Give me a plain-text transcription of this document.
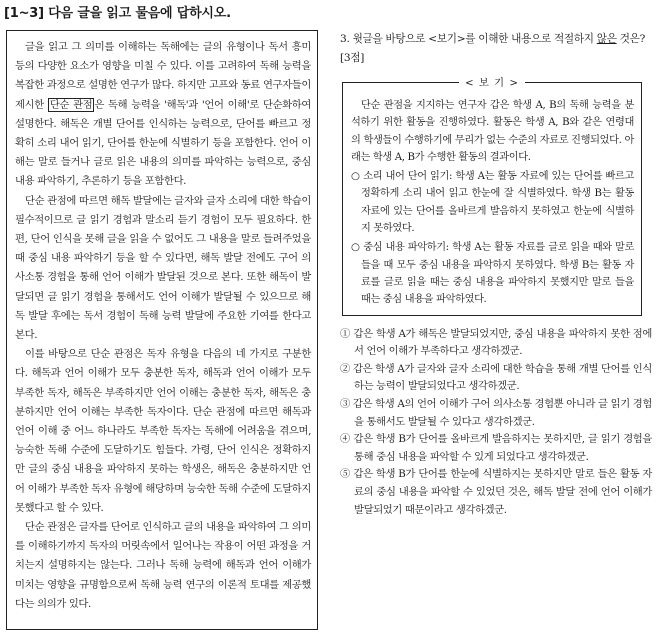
[1~3] 다음 글을 읽고 물음에 답하시오.

글을 읽고 그 의미를 이해하는 독해에는 글의 유형이나 독서 흥미 등의 다양한 요소가 영향을 미칠 수 있다. 이를 고려하여 독해 능력을 복잡한 과정으로 설명한 연구가 많다. 하지만 고프와 동료 연구자들이 제시한 단순 관점 은 독해 능력을 '해독'과 '언어 이해'로 단순화하여 설명한다. 해독은 개별 단어를 인식하는 능력으로, 단어를 빠르고 정확히 소리 내어 읽기, 단어를 한눈에 식별하기 등을 포함한다. 언어 이해는 말로 들거나 글로 읽은 내용의 의미를 파악하는 능력으로, 중심 내용 파악하기, 추론하기 등을 포함한다.

단순 관점에 따르면 해독 발달에는 글자와 글자 소리에 대한 학습이 필수적이므로 글 읽기 경험과 말소리 듣기 경험이 모두 필요하다. 한편, 단어 인식을 못해 글을 읽을 수 없어도 그 내용을 말로 들려주었을 때 중심 내용 파악하기 등을 할 수 있다면, 해독 발달 전에도 구어 의사소통 경험을 통해 언어 이해가 발달된 것으로 본다. 또한 해독이 발달되면 글 읽기 경험을 통해서도 언어 이해가 발달될 수 있으므로 해독 발달 후에는 독서 경험이 독해 능력 발달에 주요한 기여를 한다고 본다.

이를 바탕으로 단순 관점은 독자 유형을 다음의 네 가지로 구분한다. 해독과 언어 이해가 모두 충분한 독자, 해독과 언어 이해가 모두 부족한 독자, 해독은 부족하지만 언어 이해는 충분한 독자, 해독은 충분하지만 언어 이해는 부족한 독자이다. 단순 관점에 따르면 해독과 언어 이해 중 어느 하나라도 부족한 독자는 독해에 어려움을 겪으며, 능숙한 독해 수준에 도달하기도 힘들다. 가령, 단어 인식은 정확하지만 글의 중심 내용을 파악하지 못하는 학생은, 해독은 충분하지만 언어 이해가 부족한 독자 유형에 해당하며 능숙한 독해 수준에 도달하지 못했다고 할 수 있다.

단순 관점은 글자를 단어로 인식하고 글의 내용을 파악하여 그 의미를 이해하기까지 독자의 머릿속에서 일어나는 작용이 어떤 과정을 거치는지 설명하지는 않는다. 그러나 독해 능력에 해독과 언어 이해가 미치는 영향을 규명함으로써 독해 능력 연구의 이론적 토대를 제공했다는 의의가 있다.

3. 윗글을 바탕으로 <보기>를 이해한 내용으로 적절하지 않은 것은? [3점]
< 보 기 >

단순 관점을 지지하는 연구자 갑은 학생 A, B의 독해 능력을 분석하기 위한 활동을 진행하였다. 활동은 학생 A, B와 같은 연령대의 학생들이 수행하기에 무리가 없는 수준의 자료로 진행되었다. 아래는 학생 A, B가 수행한 활동의 결과이다.

○ 소리 내어 단어 읽기: 학생 A는 활동 자료에 있는 단어를 빠르고 정확하게 소리 내어 읽고 한눈에 잘 식별하였다. 학생 B는 활동 자료에 있는 단어를 올바르게 발음하지 못하였고 한눈에 식별하지 못하였다.

○ 중심 내용 파악하기: 학생 A는 활동 자료를 글로 읽을 때와 말로 들을 때 모두 중심 내용을 파악하지 못하였다. 학생 B는 활동 자료를 글로 읽을 때는 중심 내용을 파악하지 못했지만 말로 들을 때는 중심 내용을 파악하였다.

① 갑은 학생 A가 해독은 발달되었지만, 중심 내용을 파악하지 못한 점에서 언어 이해가 부족하다고 생각하겠군.

② 갑은 학생 A가 글자와 글자 소리에 대한 학습을 통해 개별 단어를 인식하는 능력이 발달되었다고 생각하겠군.

③ 갑은 학생 A의 언어 이해가 구어 의사소통 경험뿐 아니라 글 읽기 경험을 통해서도 발달될 수 있다고 생각하겠군.

④ 갑은 학생 B가 단어를 올바르게 발음하지는 못하지만, 글 읽기 경험을 통해 중심 내용을 파악할 수 있게 되었다고 생각하겠군.

⑤ 갑은 학생 B가 단어를 한눈에 식별하지는 못하지만 말로 들은 활동 자료의 중심 내용을 파악할 수 있었던 것은, 해독 발달 전에 언어 이해가 발달되었기 때문이라고 생각하겠군.
